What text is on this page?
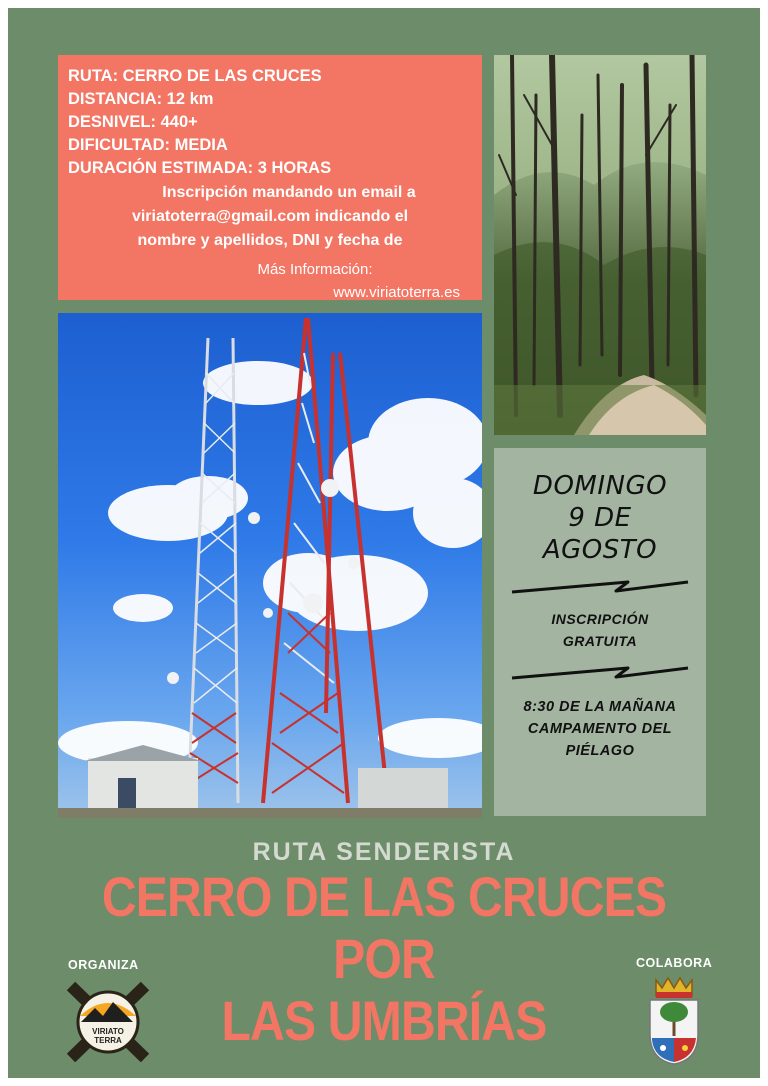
RUTA: CERRO DE LAS CRUCES
DISTANCIA: 12 km
DESNIVEL: 440+
DIFICULTAD: MEDIA
DURACIÓN ESTIMADA: 3 HORAS
Inscripción mandando un email a
viriatoterra@gmail.com indicando el
nombre y apellidos, DNI y fecha de
Más Información:
www.viriatoterra.es
DOMINGO
9 DE
AGOSTO
INSCRIPCIÓN
GRATUITA
8:30 DE LA MAÑANA
CAMPAMENTO DEL
PIÉLAGO
RUTA SENDERISTA
CERRO DE LAS CRUCES POR
LAS UMBRÍAS
ORGANIZA	COLABORA
VIRIATO
TERRA
